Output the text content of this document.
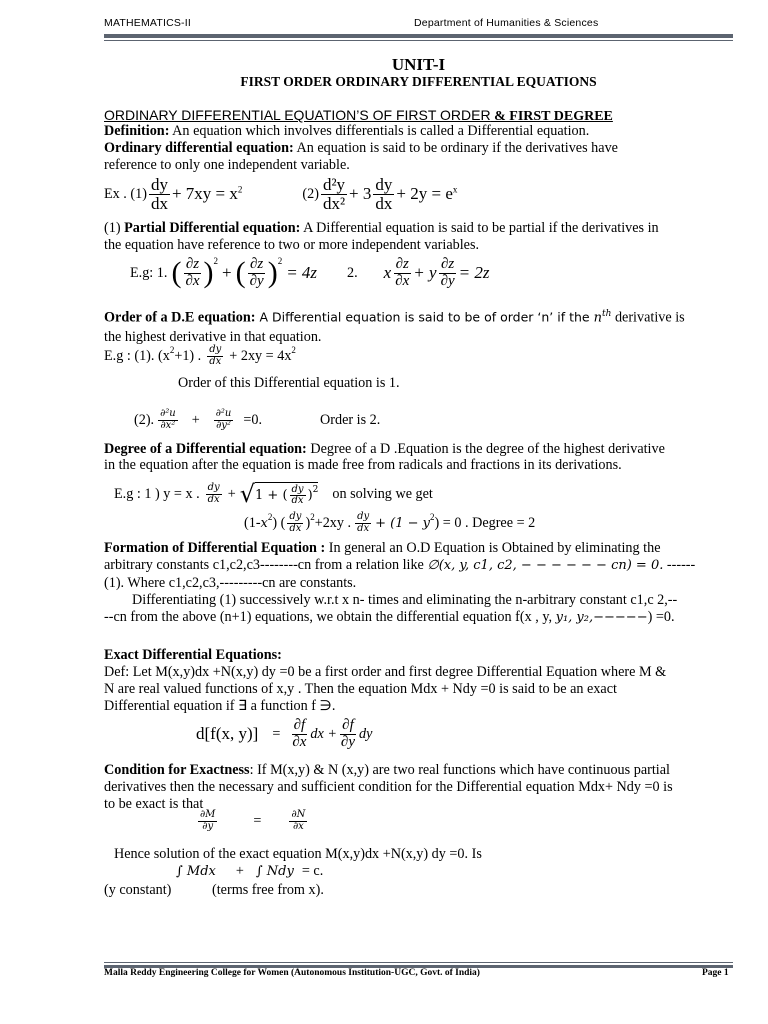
MATHEMATICS-II	Department of Humanities & Sciences
UNIT-I
FIRST ORDER ORDINARY DIFFERENTIAL EQUATIONS
ORDINARY DIFFERENTIAL EQUATION’S OF FIRST ORDER & FIRST DEGREE
Definition: An equation which involves differentials is called a Differential equation.
Ordinary differential equation: An equation is said to be ordinary if the derivatives have
reference to only one independent variable.
Ex . $(1) \frac{dy}{dx} + 7xy = x^2$	$(2) \frac{\text{d²y}}{\text{dx²}} + 3 \frac{dy}{dx} + 2y = e^x$
(1) Partial Differential equation: A Differential equation is said to be partial if the derivatives in
the equation have reference to two or more independent variables.
E.g: 1. ( $\frac{\partial z}{\partial x} )^2$
+ ( $\frac{\partial z}{\partial y} )^2$
= 4z 2. x $\frac{\partial z}{\partial x} + y \frac{\partial z}{\partial y} = 2z$
Order of a D.E equation: A Differential equation is said to be of order ‘n’ if the $n^{th}$ derivative is
the highest derivative in that equation.
E.g : (1). $(x^2 +1)$ . $\frac{dy}{dx} + 2xy = 4x^2$
Order of this Differential equation is 1.
(2). $\frac{\text{∂²u}}{\text{∂x²}} + \frac{\text{∂²u}}{\text{∂y²}} =0$.	Order is 2.
Degree of a Differential equation: Degree of a D .Equation is the degree of the highest derivative
in the equation after the equation is made free from radicals and fractions in its derivations.
E.g : 1 ) y = x . $\frac{dy}{dx}$ + √ 1 + ( $\frac{dy}{dx} )^2$ on solving we get
(1- $x^2$ ) ( $\frac{dy}{dx} )^2 +2xy$ . $\frac{dy}{dx} + (1 - y^2$ ) = 0 . Degree = 2
Formation of Differential Equation : In general an O.D Equation is Obtained by eliminating the
arbitrary constants c1,c2,c3--------cn from a relation like ∅(x, y, c1, c2, − − − − − − cn) = 0. ------
(1). Where c1,c2,c3,---------cn are constants.
Differentiating (1) successively w.r.t x n- times and eliminating the n-arbitrary constant c1,c 2,--
--cn from the above (n+1) equations, we obtain the differential equation f(x , y, y₁, y₂,−−−−−) =0.
Exact Differential Equations:
Def: Let M(x,y)dx +N(x,y) dy =0 be a first order and first degree Differential Equation where M &
N are real valued functions of x,y . Then the equation Mdx + Ndy =0 is said to be an exact
Differential equation if ∃ a function f ∋.
d[f(x, $y)] = \frac{\partial f}{\partial x}$ dx + $\frac{\partial f}{\partial y}$ dy
Condition for Exactness: If M(x,y) & N (x,y) are two real functions which have continuous partial
derivatives then the necessary and sufficient condition for the Differential equation Mdx+ Ndy =0 is
to be exact is that
$\frac{\partial M}{\partial y}$	=	$\frac{\partial N}{\partial x}$
Hence solution of the exact equation M(x,y)dx +N(x,y) dy =0. Is
∫ Mdx + ∫ Ndy = c.
(y constant)	(terms free from x).
Malla Reddy Engineering College for Women (Autonomous Institution-UGC, Govt. of India)	Page 1
